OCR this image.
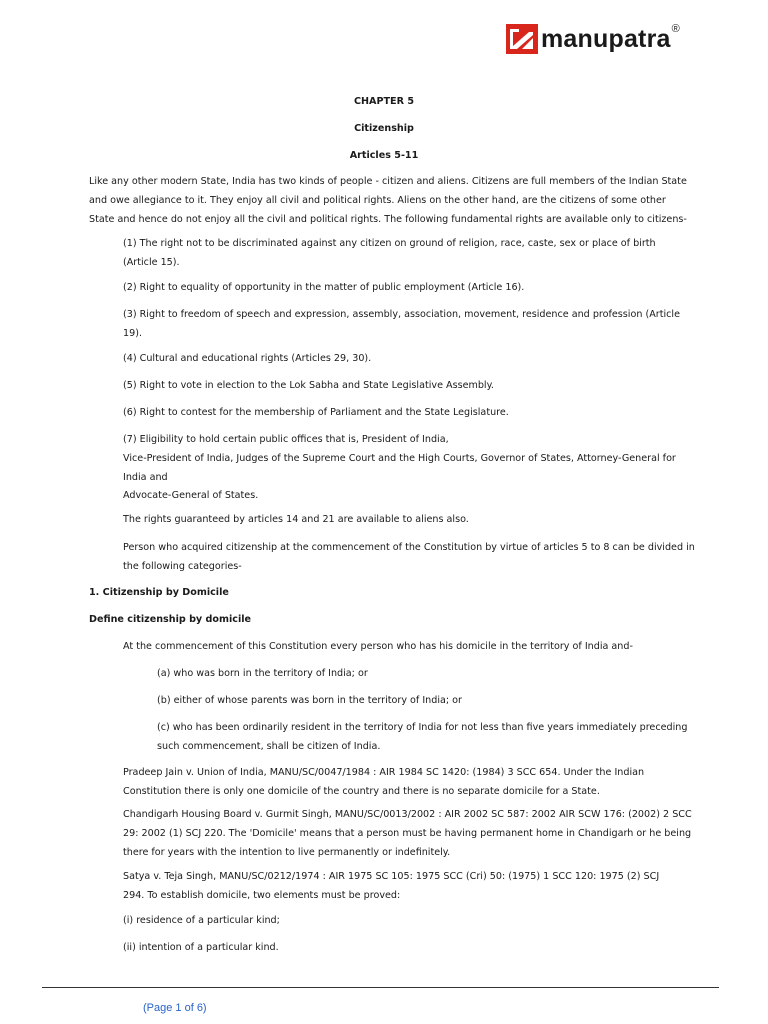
manupatra ®
CHAPTER 5
Citizenship
Articles 5-11

Like any other modern State, India has two kinds of people - citizen and aliens. Citizens are full members of the Indian State
and owe allegiance to it. They enjoy all civil and political rights. Aliens on the other hand, are the citizens of some other
State and hence do not enjoy all the civil and political rights. The following fundamental rights are available only to citizens-

(1) The right not to be discriminated against any citizen on ground of religion, race, caste, sex or place of birth
(Article 15).

(2) Right to equality of opportunity in the matter of public employment (Article 16).

(3) Right to freedom of speech and expression, assembly, association, movement, residence and profession (Article
19).

(4) Cultural and educational rights (Articles 29, 30).

(5) Right to vote in election to the Lok Sabha and State Legislative Assembly.

(6) Right to contest for the membership of Parliament and the State Legislature.

(7) Eligibility to hold certain public offices that is, President of India,
Vice-President of India, Judges of the Supreme Court and the High Courts, Governor of States, Attorney-General for
India and
Advocate-General of States.

The rights guaranteed by articles 14 and 21 are available to aliens also.

Person who acquired citizenship at the commencement of the Constitution by virtue of articles 5 to 8 can be divided in
the following categories-

1. Citizenship by Domicile

Define citizenship by domicile

At the commencement of this Constitution every person who has his domicile in the territory of India and-

(a) who was born in the territory of India; or

(b) either of whose parents was born in the territory of India; or

(c) who has been ordinarily resident in the territory of India for not less than five years immediately preceding
such commencement, shall be citizen of India.

Pradeep Jain v. Union of India, MANU/SC/0047/1984 : AIR 1984 SC 1420: (1984) 3 SCC 654. Under the Indian
Constitution there is only one domicile of the country and there is no separate domicile for a State.

Chandigarh Housing Board v. Gurmit Singh, MANU/SC/0013/2002 : AIR 2002 SC 587: 2002 AIR SCW 176: (2002) 2 SCC
29: 2002 (1) SCJ 220. The 'Domicile' means that a person must be having permanent home in Chandigarh or he being
there for years with the intention to live permanently or indefinitely.

Satya v. Teja Singh, MANU/SC/0212/1974 : AIR 1975 SC 105: 1975 SCC (Cri) 50: (1975) 1 SCC 120: 1975 (2) SCJ
294. To establish domicile, two elements must be proved:

(i) residence of a particular kind;

(ii) intention of a particular kind.

(Page 1 of 6)
